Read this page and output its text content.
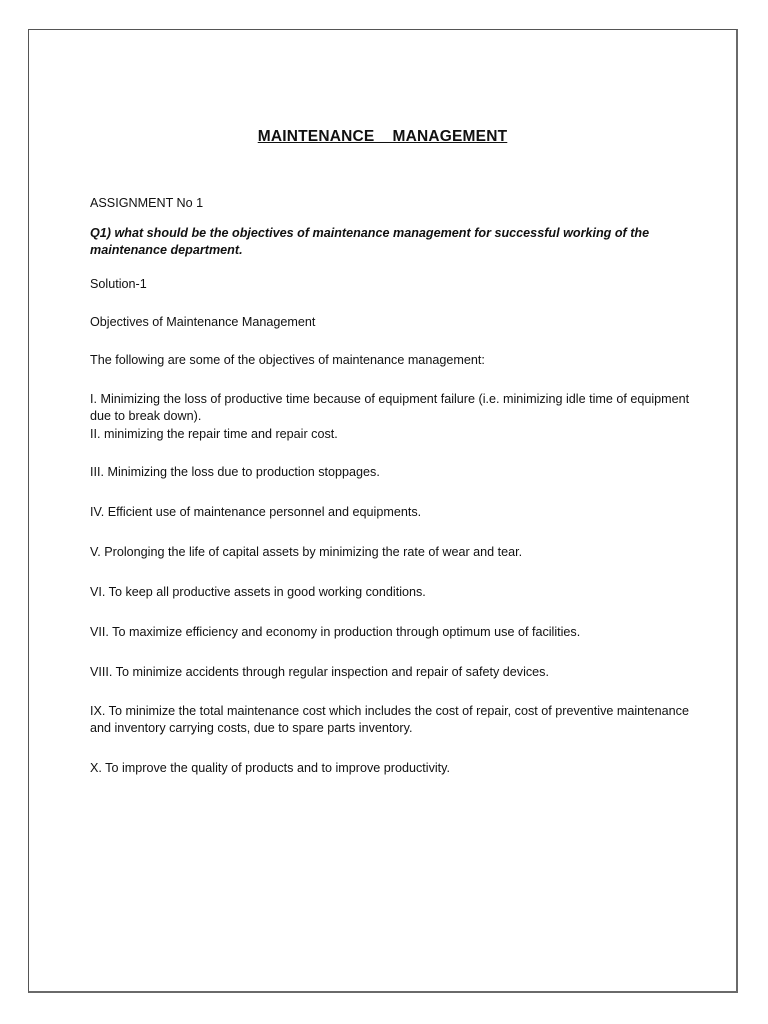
MAINTENANCE    MANAGEMENT

ASSIGNMENT No 1

Q1) what should be the objectives of maintenance management for successful working of the maintenance department.

Solution-1

Objectives of Maintenance Management

The following are some of the objectives of maintenance management:

I. Minimizing the loss of productive time because of equipment failure (i.e. minimizing idle time of equipment due to break down).

II. minimizing the repair time and repair cost.

III. Minimizing the loss due to production stoppages.

IV. Efficient use of maintenance personnel and equipments.

V. Prolonging the life of capital assets by minimizing the rate of wear and tear.

VI. To keep all productive assets in good working conditions.

VII. To maximize efficiency and economy in production through optimum use of facilities.

VIII. To minimize accidents through regular inspection and repair of safety devices.

IX. To minimize the total maintenance cost which includes the cost of repair, cost of preventive maintenance and inventory carrying costs, due to spare parts inventory.

X. To improve the quality of products and to improve productivity.
